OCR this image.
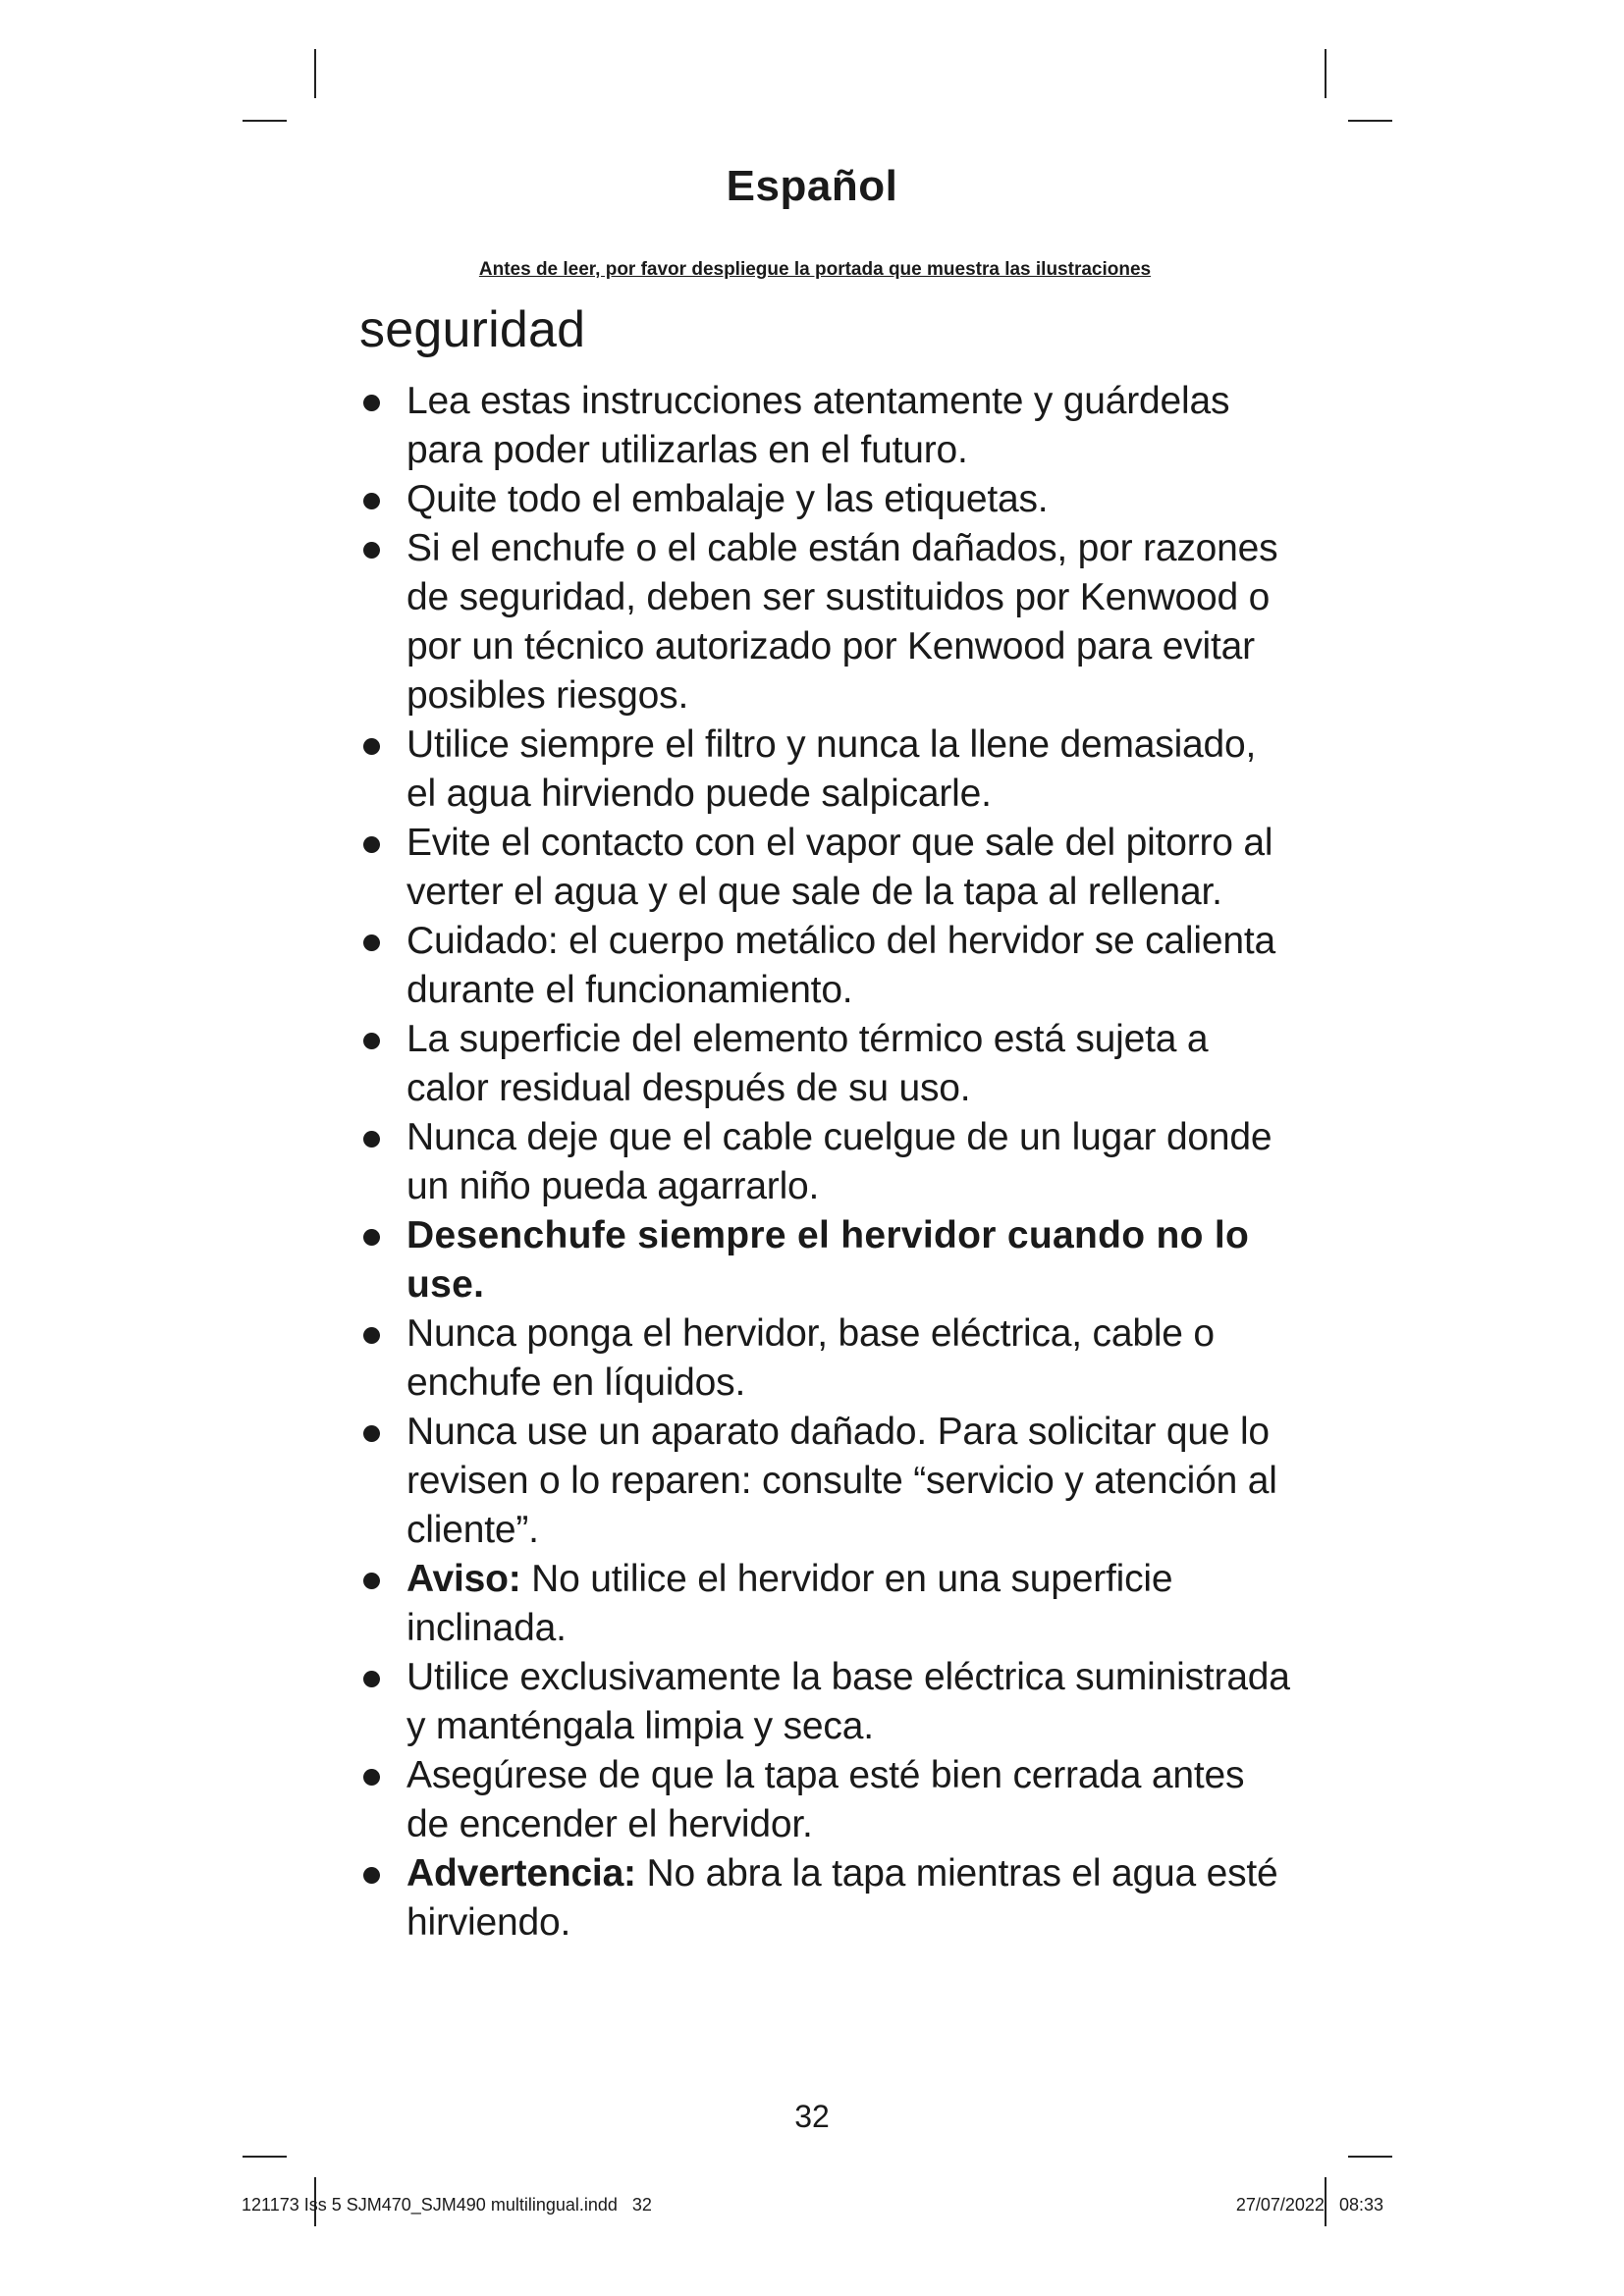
Español
Antes de leer, por favor despliegue la portada que muestra las ilustraciones
seguridad
Lea estas instrucciones atentamente y guárdelas para poder utilizarlas en el futuro.
Quite todo el embalaje y las etiquetas.
Si el enchufe o el cable están dañados, por razones de seguridad, deben ser sustituidos por Kenwood o por un técnico autorizado por Kenwood para evitar posibles riesgos.
Utilice siempre el filtro y nunca la llene demasiado, el agua hirviendo puede salpicarle.
Evite el contacto con el vapor que sale del pitorro al verter el agua y el que sale de la tapa al rellenar.
Cuidado: el cuerpo metálico del hervidor se calienta durante el funcionamiento.
La superficie del elemento térmico está sujeta a calor residual después de su uso.
Nunca deje que el cable cuelgue de un lugar donde un niño pueda agarrarlo.
Desenchufe siempre el hervidor cuando no lo use.
Nunca ponga el hervidor, base eléctrica, cable o enchufe en líquidos.
Nunca use un aparato dañado. Para solicitar que lo revisen o lo reparen: consulte “servicio y atención al cliente”.
Aviso: No utilice el hervidor en una superficie inclinada.
Utilice exclusivamente la base eléctrica suministrada y manténgala limpia y seca.
Asegúrese de que la tapa esté bien cerrada antes de encender el hervidor.
Advertencia: No abra la tapa mientras el agua esté hirviendo.
32
121173 Iss 5 SJM470_SJM490 multilingual.indd   32	27/07/2022   08:33
